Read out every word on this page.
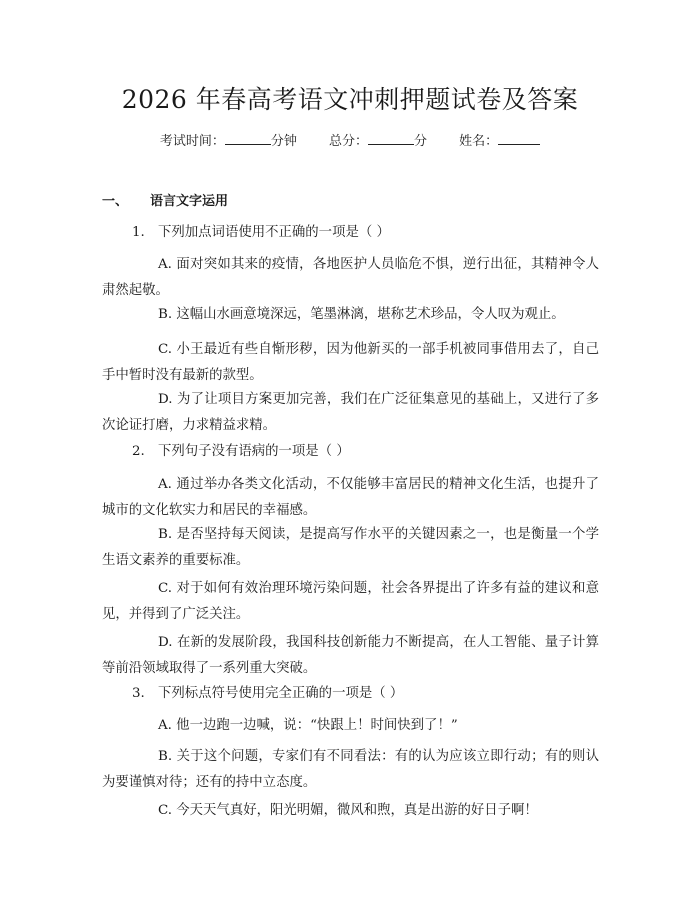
2026 年春高考语文冲刺押题试卷及答案
考试时间：	分钟 总分：	分 姓名：
一、 语言文字运用
1. 下列加点词语使用不正确的一项是（ ）
A. 面对突如其来的疫情，各地医护人员临危不惧，逆行出征，其精神令人肃然起敬。
B. 这幅山水画意境深远，笔墨淋漓，堪称艺术珍品，令人叹为观止。
C. 小王最近有些自惭形秽，因为他新买的一部手机被同事借用去了，自己手中暂时没有最新的款型。
D. 为了让项目方案更加完善，我们在广泛征集意见的基础上，又进行了多次论证打磨，力求精益求精。
2. 下列句子没有语病的一项是（ ）
A. 通过举办各类文化活动，不仅能够丰富居民的精神文化生活，也提升了城市的文化软实力和居民的幸福感。
B. 是否坚持每天阅读，是提高写作水平的关键因素之一，也是衡量一个学生语文素养的重要标准。
C. 对于如何有效治理环境污染问题，社会各界提出了许多有益的建议和意见，并得到了广泛关注。
D. 在新的发展阶段，我国科技创新能力不断提高，在人工智能、量子计算等前沿领域取得了一系列重大突破。
3. 下列标点符号使用完全正确的一项是（ ）
A. 他一边跑一边喊，说：“快跟上！时间快到了！”
B. 关于这个问题，专家们有不同看法：有的认为应该立即行动；有的则认为要谨慎对待；还有的持中立态度。
C. 今天天气真好，阳光明媚，微风和煦，真是出游的好日子啊！
